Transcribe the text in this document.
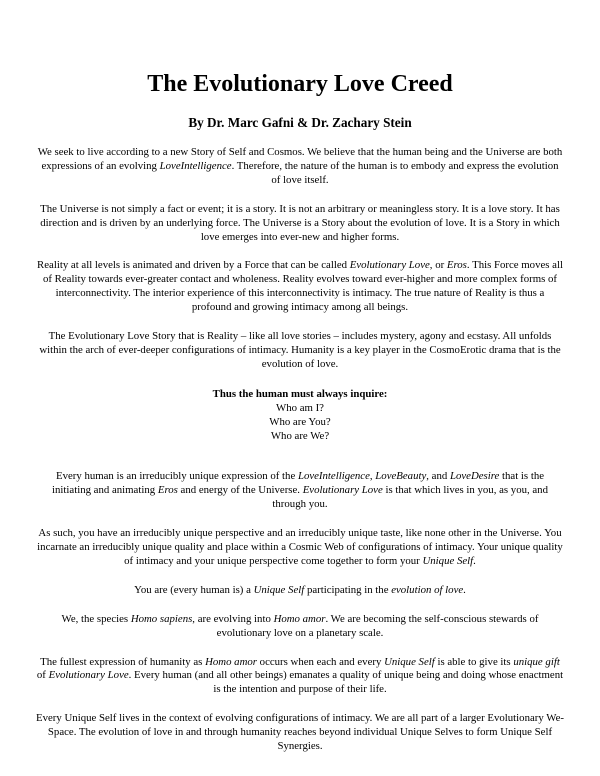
The Evolutionary Love Creed
By Dr. Marc Gafni & Dr. Zachary Stein

We seek to live according to a new Story of Self and Cosmos. We believe that the human being and the Universe are both expressions of an evolving LoveIntelligence. Therefore, the nature of the human is to embody and express the evolution of love itself.

The Universe is not simply a fact or event; it is a story. It is not an arbitrary or meaningless story. It is a love story. It has direction and is driven by an underlying force. The Universe is a Story about the evolution of love. It is a Story in which love emerges into ever-new and higher forms.

Reality at all levels is animated and driven by a Force that can be called Evolutionary Love, or Eros. This Force moves all of Reality towards ever-greater contact and wholeness. Reality evolves toward ever-higher and more complex forms of interconnectivity. The interior experience of this interconnectivity is intimacy. The true nature of Reality is thus a profound and growing intimacy among all beings.

The Evolutionary Love Story that is Reality – like all love stories – includes mystery, agony and ecstasy. All unfolds within the arch of ever-deeper configurations of intimacy. Humanity is a key player in the CosmoErotic drama that is the evolution of love.

Thus the human must always inquire:
Who am I?
Who are You?
Who are We?

Every human is an irreducibly unique expression of the LoveIntelligence, LoveBeauty, and LoveDesire that is the initiating and animating Eros and energy of the Universe. Evolutionary Love is that which lives in you, as you, and through you.

As such, you have an irreducibly unique perspective and an irreducibly unique taste, like none other in the Universe. You incarnate an irreducibly unique quality and place within a Cosmic Web of configurations of intimacy. Your unique quality of intimacy and your unique perspective come together to form your Unique Self.

You are (every human is) a Unique Self participating in the evolution of love.

We, the species Homo sapiens, are evolving into Homo amor. We are becoming the self-conscious stewards of evolutionary love on a planetary scale.

The fullest expression of humanity as Homo amor occurs when each and every Unique Self is able to give its unique gift of Evolutionary Love. Every human (and all other beings) emanates a quality of unique being and doing whose enactment is the intention and purpose of their life.

Every Unique Self lives in the context of evolving configurations of intimacy. We are all part of a larger Evolutionary We-Space. The evolution of love in and through humanity reaches beyond individual Unique Selves to form Unique Self Synergies.
